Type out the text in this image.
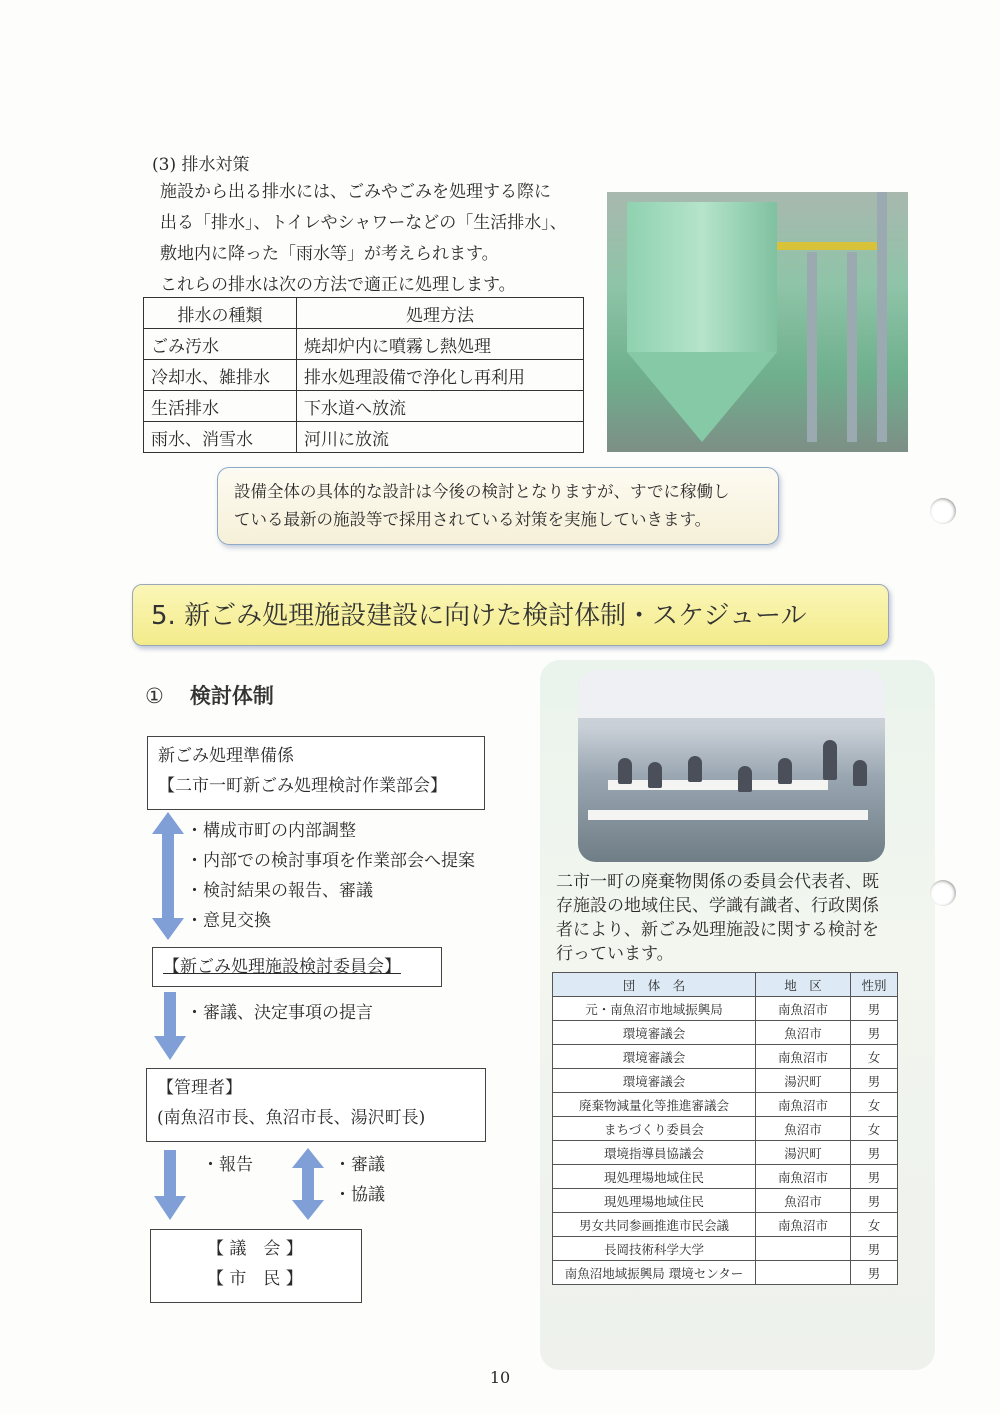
(3) 排水対策

施設から出る排水には、ごみやごみを処理する際に

出る「排水」、トイレやシャワーなどの「生活排水」、

敷地内に降った「雨水等」が考えられます。

これらの排水は次の方法で適正に処理します。

排水の種類	処理方法
ごみ汚水	焼却炉内に噴霧し熱処理
冷却水、雑排水	排水処理設備で浄化し再利用
生活排水	下水道へ放流
雨水、消雪水	河川に放流

設備全体の具体的な設計は今後の検討となりますが、すでに稼働し

ている最新の施設等で採用されている対策を実施していきます。

5. 新ごみ処理施設建設に向けた検討体制・スケジュール
① 検討体制

新ごみ処理準備係

【二市一町新ごみ処理検討作業部会】

・構成市町の内部調整

・内部での検討事項を作業部会へ提案

・検討結果の報告、審議

・意見交換

【新ごみ処理施設検討委員会】

・審議、決定事項の提言

【管理者】

(南魚沼市長、魚沼市長、湯沢町長)

・報告	・審議

・協議

【 議　会 】

【 市　民 】

二市一町の廃棄物関係の委員会代表者、既

存施設の地域住民、学識有識者、行政関係

者により、新ごみ処理施設に関する検討を

行っています。

団　体　名	地　区	性別
元・南魚沼市地域振興局	南魚沼市	男
環境審議会	魚沼市	男
環境審議会	南魚沼市	女
環境審議会	湯沢町	男
廃棄物減量化等推進審議会	南魚沼市	女
まちづくり委員会	魚沼市	女
環境指導員協議会	湯沢町	男
現処理場地域住民	南魚沼市	男
現処理場地域住民	魚沼市	男
男女共同参画推進市民会議	南魚沼市	女
長岡技術科学大学		男
南魚沼地域振興局 環境センター		男
10
